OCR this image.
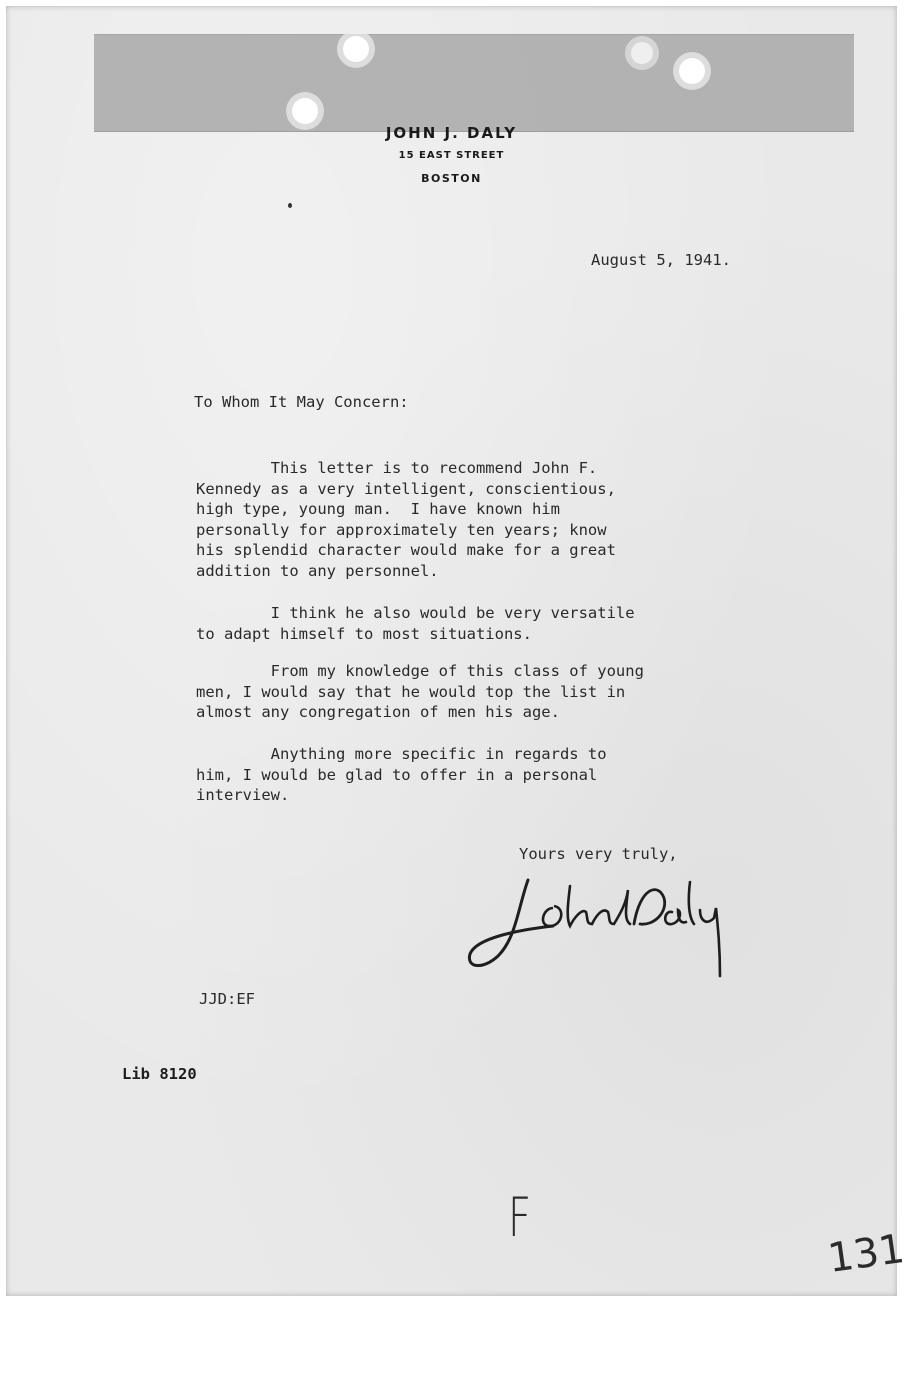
JOHN J. DALY
15 EAST STREET
BOSTON
August 5, 1941.
To Whom It May Concern:
This letter is to recommend John F.
Kennedy as a very intelligent, conscientious,
high type, young man.  I have known him
personally for approximately ten years; know
his splendid character would make for a great
addition to any personnel.
I think he also would be very versatile
to adapt himself to most situations.
From my knowledge of this class of young
men, I would say that he would top the list in
almost any congregation of men his age.
Anything more specific in regards to
him, I would be glad to offer in a personal
interview.
Yours very truly,
JJD:EF
Lib 8120
F
131
